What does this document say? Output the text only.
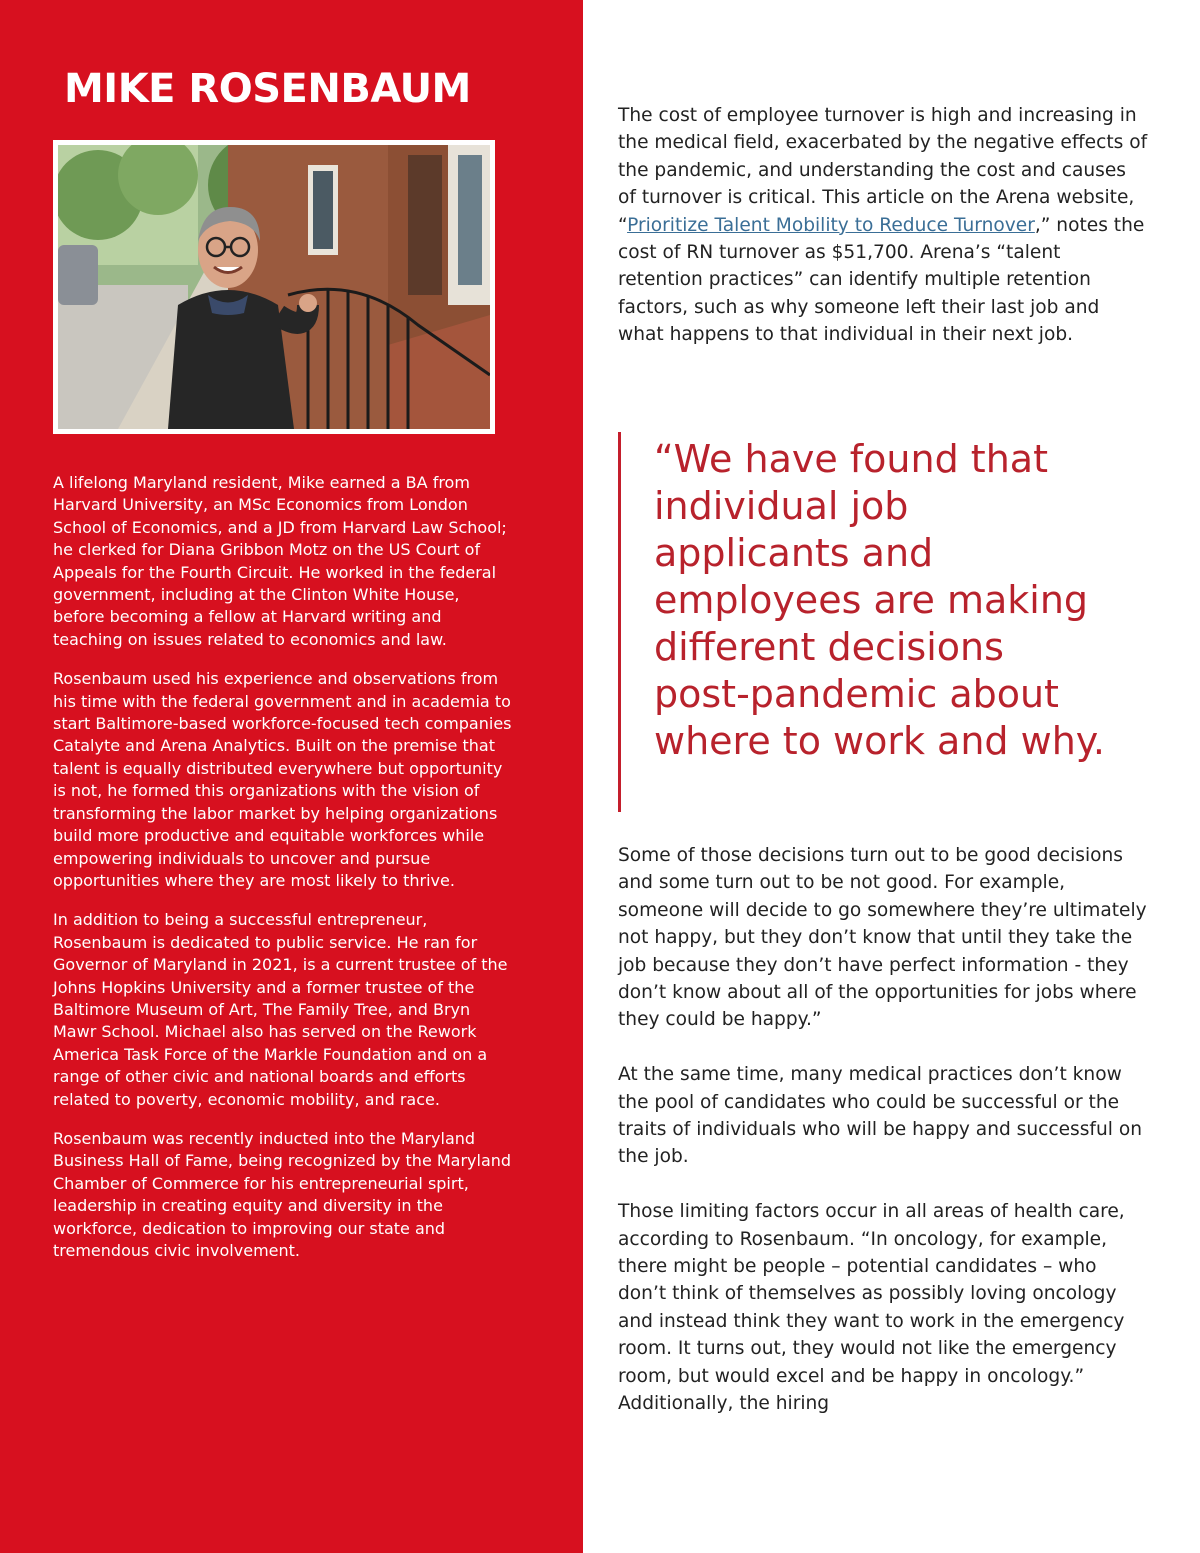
MIKE ROSENBAUM

A lifelong Maryland resident, Mike earned a BA from Harvard University, an MSc Economics from London School of Economics, and a JD from Harvard Law School; he clerked for Diana Gribbon Motz on the US Court of Appeals for the Fourth Circuit. He worked in the federal government, including at the Clinton White House, before becoming a fellow at Harvard writing and teaching on issues related to economics and law.

Rosenbaum used his experience and observations from his time with the federal government and in academia to start Baltimore-based workforce-focused tech companies Catalyte and Arena Analytics. Built on the premise that talent is equally distributed everywhere but opportunity is not, he formed this organizations with the vision of transforming the labor market by helping organizations build more productive and equitable workforces while empowering individuals to uncover and pursue opportunities where they are most likely to thrive.

In addition to being a successful entrepreneur, Rosenbaum is dedicated to public service. He ran for Governor of Maryland in 2021, is a current trustee of the Johns Hopkins University and a former trustee of the Baltimore Museum of Art, The Family Tree, and Bryn Mawr School. Michael also has served on the Rework America Task Force of the Markle Foundation and on a range of other civic and national boards and efforts related to poverty, economic mobility, and race.

Rosenbaum was recently inducted into the Maryland Business Hall of Fame, being recognized by the Maryland Chamber of Commerce for his entrepreneurial spirt, leadership in creating equity and diversity in the workforce, dedication to improving our state and tremendous civic involvement.

The cost of employee turnover is high and increasing in the medical field, exacerbated by the negative effects of the pandemic, and understanding the cost and causes of turnover is critical. This article on the Arena website, “Prioritize Talent Mobility to Reduce Turnover,” notes the cost of RN turnover as $51,700. Arena’s “talent retention practices” can identify multiple retention factors, such as why someone left their last job and what happens to that individual in their next job.

“We have found that individual job applicants and employees are making different decisions post-pandemic about where to work and why.

Some of those decisions turn out to be good decisions and some turn out to be not good. For example, someone will decide to go somewhere they’re ultimately not happy, but they don’t know that until they take the job because they don’t have perfect information - they don’t know about all of the opportunities for jobs where they could be happy.”

At the same time, many medical practices don’t know the pool of candidates who could be successful or the traits of individuals who will be happy and successful on the job.

Those limiting factors occur in all areas of health care, according to Rosenbaum. “In oncology, for example, there might be people – potential candidates – who don’t think of themselves as possibly loving oncology and instead think they want to work in the emergency room. It turns out, they would not like the emergency room, but would excel and be happy in oncology.” Additionally, the hiring
